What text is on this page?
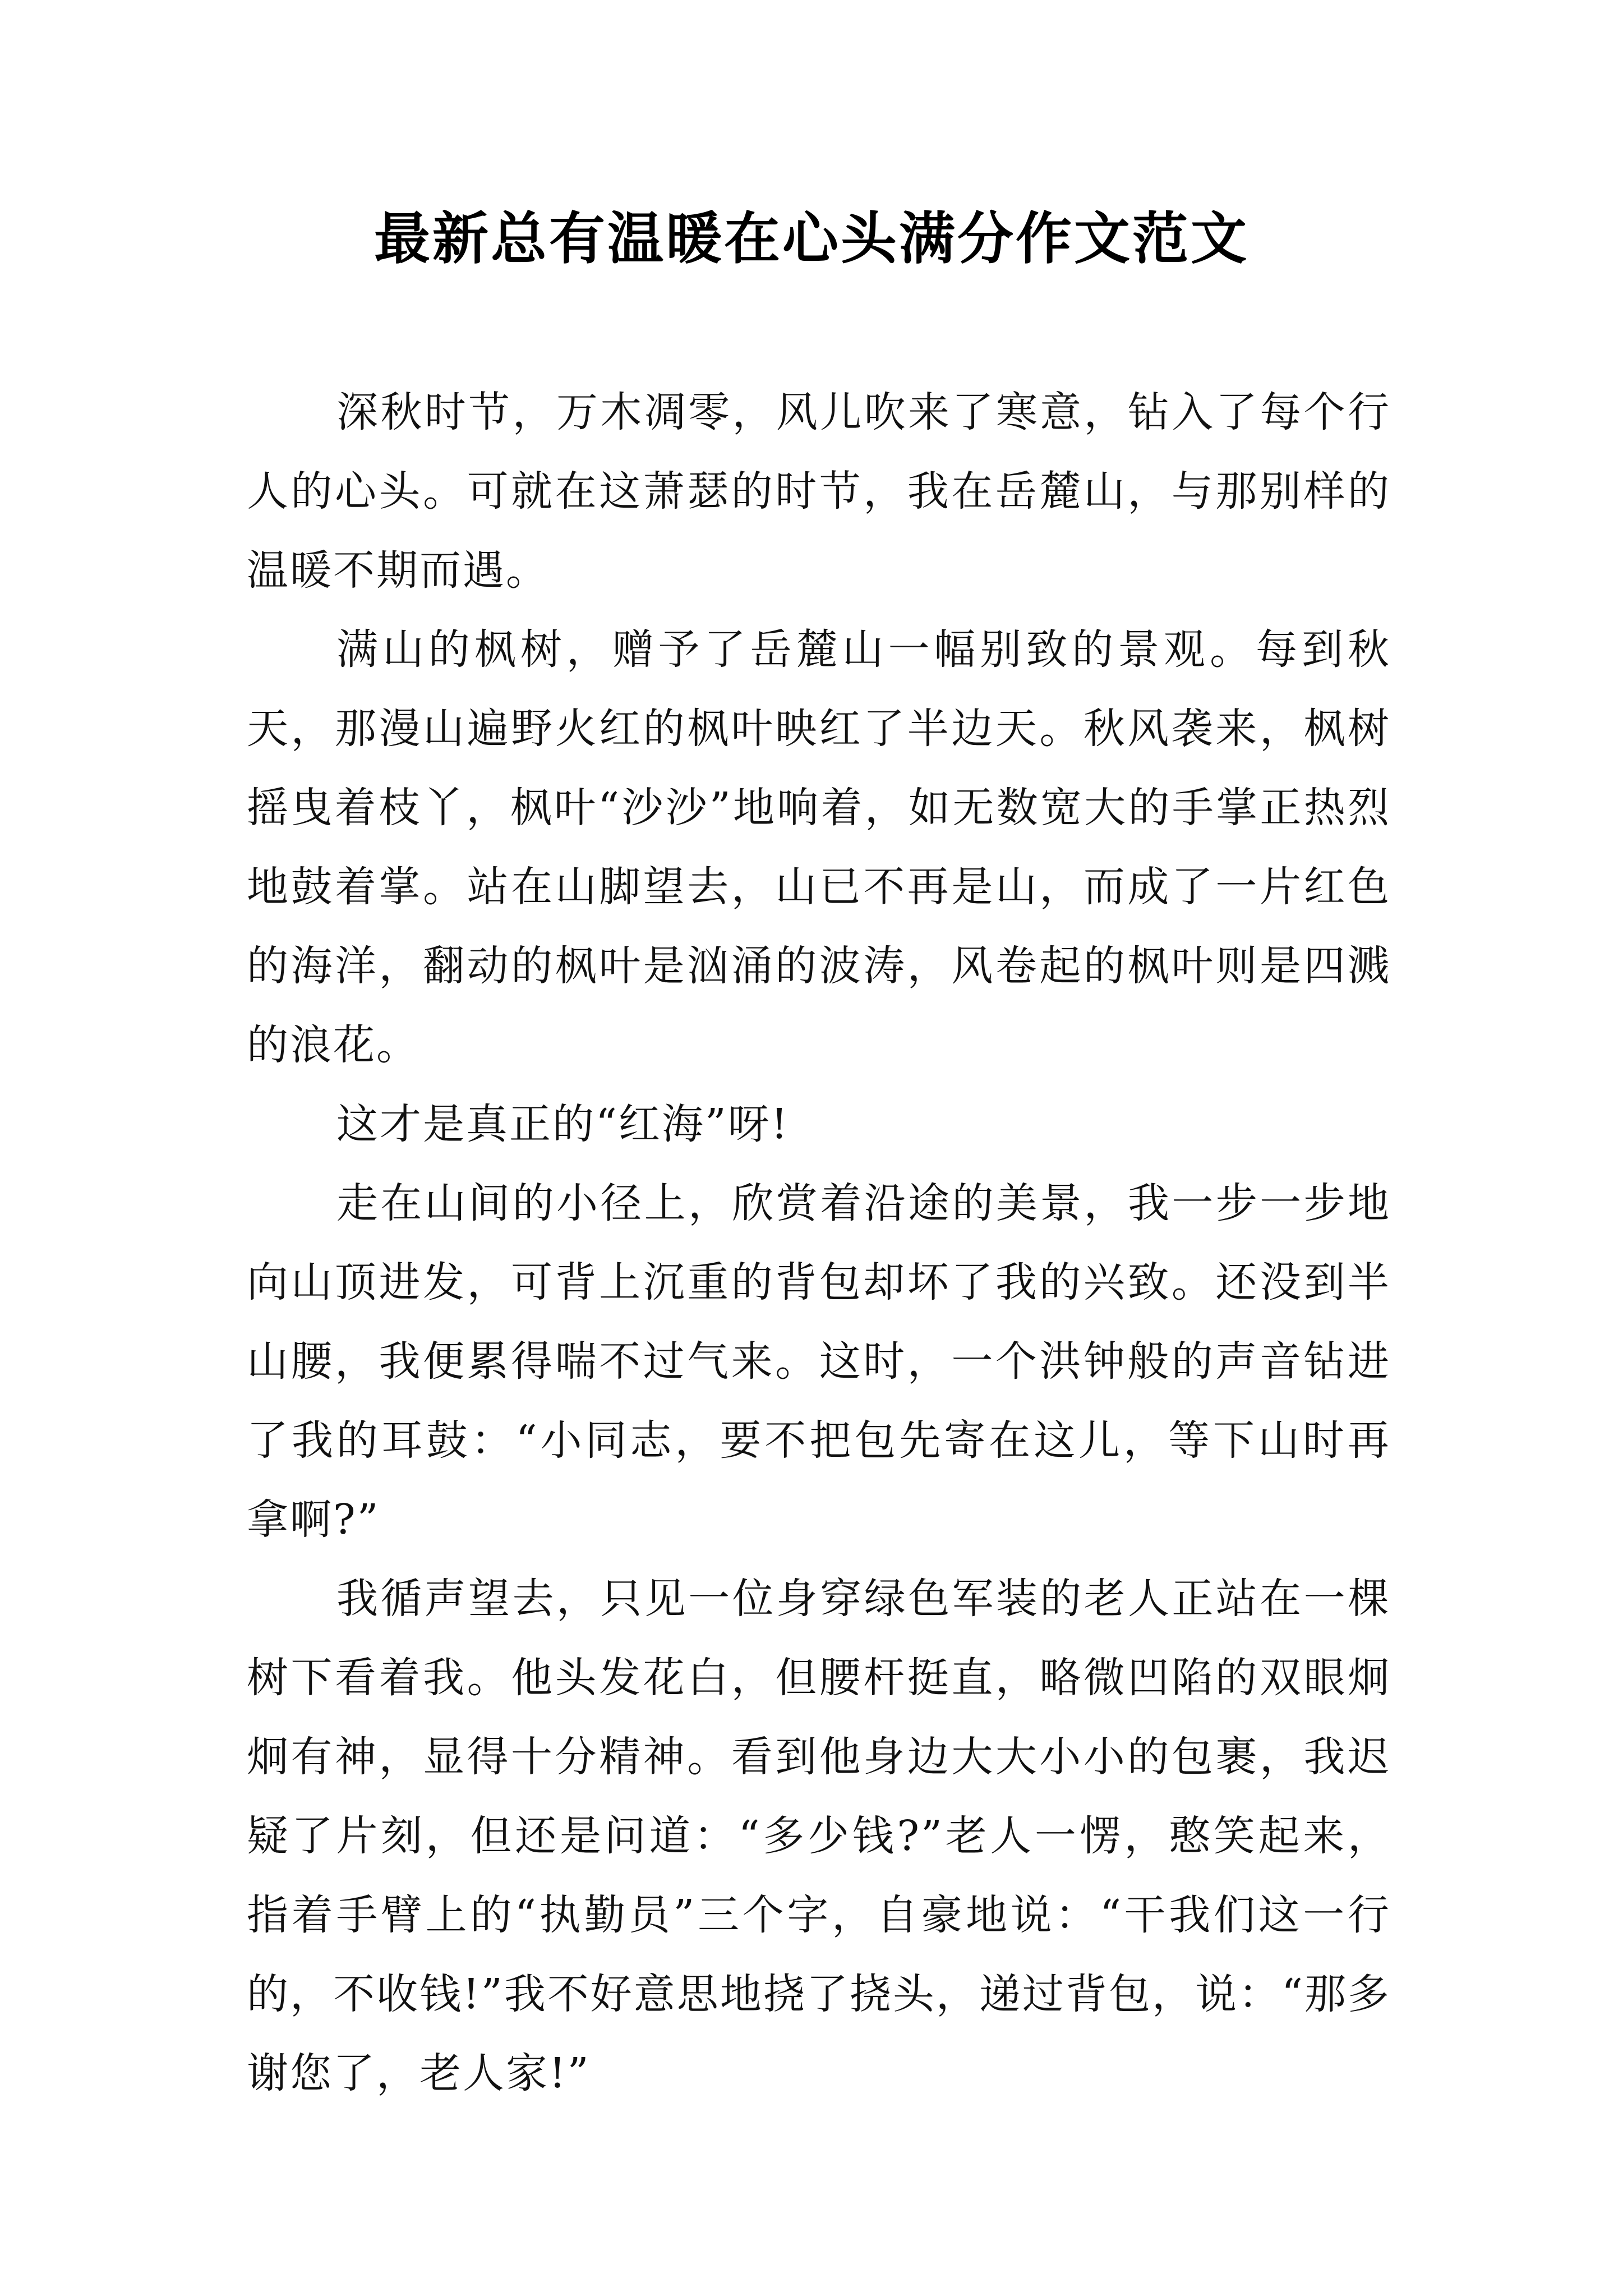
最新总有温暖在心头满分作文范文

深秋时节，万木凋零，风儿吹来了寒意，钻入了每个行人的心头。可就在这萧瑟的时节，我在岳麓山，与那别样的温暖不期而遇。

满山的枫树，赠予了岳麓山一幅别致的景观。每到秋天，那漫山遍野火红的枫叶映红了半边天。秋风袭来，枫树摇曳着枝丫，枫叶“沙沙”地响着，如无数宽大的手掌正热烈地鼓着掌。站在山脚望去，山已不再是山，而成了一片红色的海洋，翻动的枫叶是汹涌的波涛，风卷起的枫叶则是四溅的浪花。

这才是真正的“红海”呀!

走在山间的小径上，欣赏着沿途的美景，我一步一步地向山顶进发，可背上沉重的背包却坏了我的兴致。还没到半山腰，我便累得喘不过气来。这时，一个洪钟般的声音钻进了我的耳鼓：“小同志，要不把包先寄在这儿，等下山时再拿啊?”

我循声望去，只见一位身穿绿色军装的老人正站在一棵树下看着我。他头发花白，但腰杆挺直，略微凹陷的双眼炯炯有神，显得十分精神。看到他身边大大小小的包裹，我迟疑了片刻，但还是问道：“多少钱?”老人一愣，憨笑起来，指着手臂上的“执勤员”三个字，自豪地说：“干我们这一行的，不收钱!”我不好意思地挠了挠头，递过背包，说：“那多谢您了，老人家!”
